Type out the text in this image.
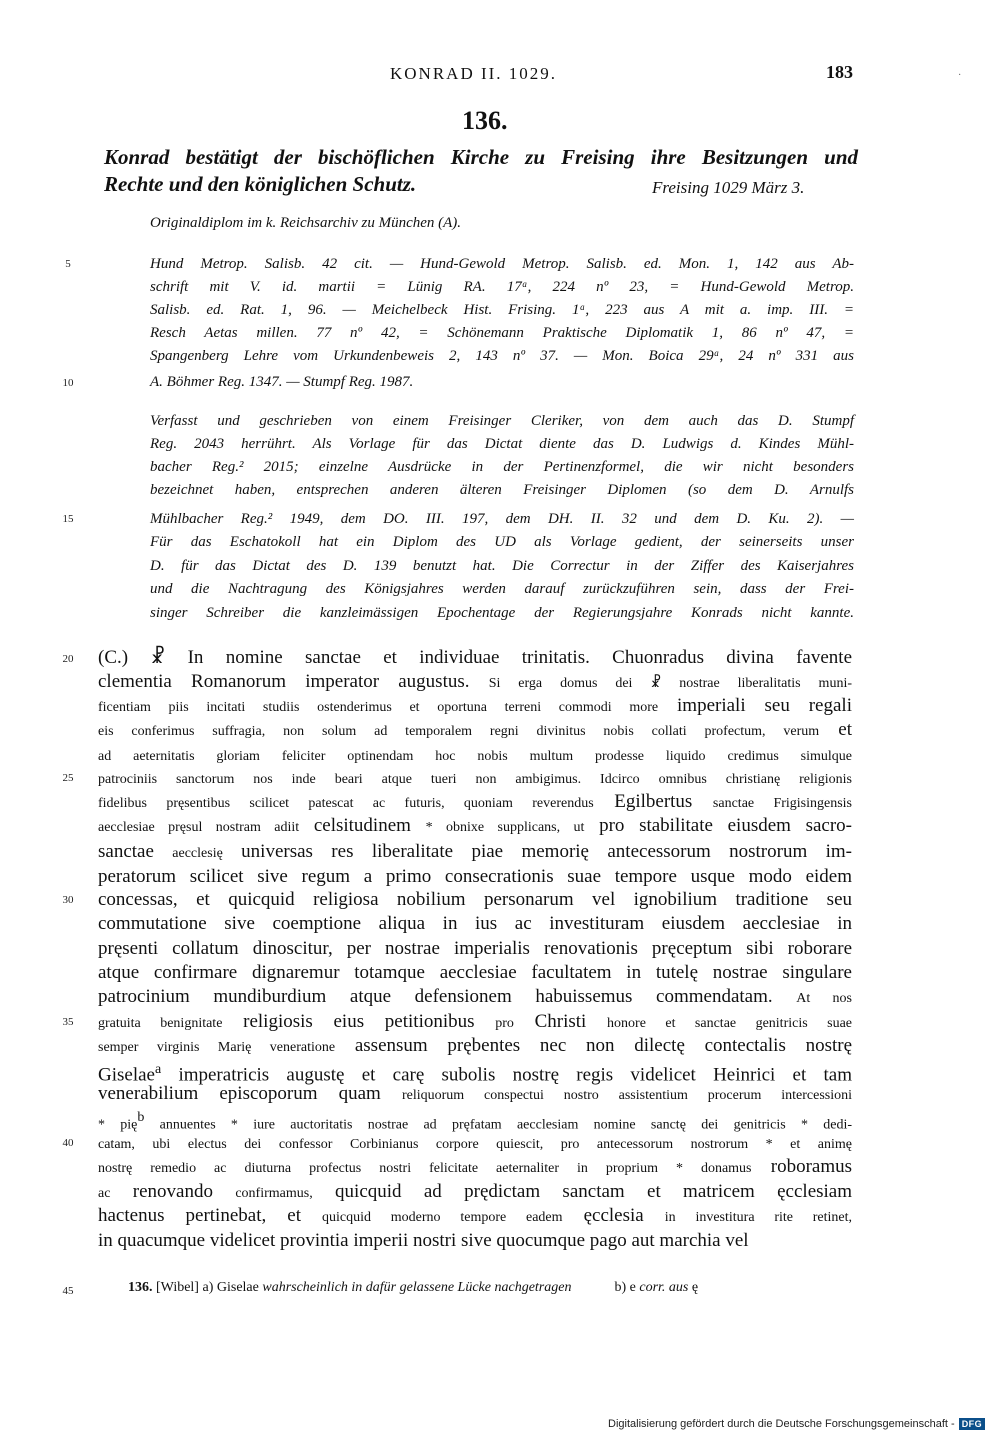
KONRAD II. 1029.	183	·
136.
Konrad bestätigt der bischöflichen Kirche zu Freising ihre Besitzungen und
Rechte und den königlichen Schutz.	Freising 1029 März 3.
Originaldiplom im k. Reichsarchiv zu München (A).
Hund Metrop. Salisb. 42 cit. — Hund-Gewold Metrop. Salisb. ed. Mon. 1, 142 aus Ab-
schrift mit V. id. martii = Lünig RA. 17ᵃ, 224 nº 23, = Hund-Gewold Metrop.
Salisb. ed. Rat. 1, 96. — Meichelbeck Hist. Frising. 1ᵃ, 223 aus A mit a. imp. III. =
Resch Aetas millen. 77 nº 42, = Schönemann Praktische Diplomatik 1, 86 nº 47, =
Spangenberg Lehre vom Urkundenbeweis 2, 143 nº 37. — Mon. Boica 29ᵃ, 24 nº 331 aus
A. Böhmer Reg. 1347. — Stumpf Reg. 1987.
Verfasst und geschrieben von einem Freisinger Cleriker, von dem auch das D. Stumpf
Reg. 2043 herrührt. Als Vorlage für das Dictat diente das D. Ludwigs d. Kindes Mühl-
bacher Reg.² 2015; einzelne Ausdrücke in der Pertinenzformel, die wir nicht besonders
bezeichnet haben, entsprechen anderen älteren Freisinger Diplomen (so dem D. Arnulfs
Mühlbacher Reg.² 1949, dem DO. III. 197, dem DH. II. 32 und dem D. Ku. 2). —
Für das Eschatokoll hat ein Diplom des UD als Vorlage gedient, der seinerseits unser
D. für das Dictat des D. 139 benutzt hat. Die Correctur in der Ziffer des Kaiserjahres
und die Nachtragung des Königsjahres werden darauf zurückzuführen sein, dass der Frei-
singer Schreiber die kanzleimässigen Epochentage der Regierungsjahre Konrads nicht kannte.
(C.) ☧ In nomine sanctae et individuae trinitatis. Chuonradus divina favente
clementia Romanorum imperator augustus. Si erga domus dei ☧ nostrae liberalitatis muni-
ficentiam piis incitati studiis ostenderimus et oportuna terreni commodi more imperiali seu regali
eis conferimus suffragia, non solum ad temporalem regni divinitus nobis collati profectum, verum et
ad aeternitatis gloriam feliciter optinendam hoc nobis multum prodesse liquido credimus simulque
patrociniis sanctorum nos inde beari atque tueri non ambigimus. Idcirco omnibus christianę religionis
fidelibus pręsentibus scilicet patescat ac futuris, quoniam reverendus Egilbertus sanctae Frigisingensis
aecclesiae pręsul nostram adiit celsitudinem * obnixe supplicans, ut pro stabilitate eiusdem sacro-
sanctae aecclesię universas res liberalitate piae memorię antecessorum nostrorum im-
peratorum scilicet sive regum a primo consecrationis suae tempore usque modo eidem
concessas, et quicquid religiosa nobilium personarum vel ignobilium traditione seu
commutatione sive coemptione aliqua in ius ac investituram eiusdem aecclesiae in
pręsenti collatum dinoscitur, per nostrae imperialis renovationis pręceptum sibi roborare
atque confirmare dignaremur totamque aecclesiae facultatem in tutelę nostrae singulare
patrocinium mundiburdium atque defensionem habuissemus commendatam. At nos
gratuita benignitate religiosis eius petitionibus pro Christi honore et sanctae genitricis suae
semper virginis Marię veneratione assensum prębentes nec non dilectę contectalis nostrę
Giselae$^a$ imperatricis augustę et carę subolis nostrę regis videlicet Heinrici et tam
venerabilium episcoporum quam reliquorum conspectui nostro assistentium procerum intercessioni
* pię$^b$ annuentes * iure auctoritatis nostrae ad pręfatam aecclesiam nomine sanctę dei genitricis * dedi-
catam, ubi electus dei confessor Corbinianus corpore quiescit, pro antecessorum nostrorum * et animę
nostrę remedio ac diuturna profectus nostri felicitate aeternaliter in proprium * donamus roboramus
ac renovando confirmamus, quicquid ad prędictam sanctam et matricem ęcclesiam
hactenus pertinebat, et quicquid moderno tempore eadem ęcclesia in investitura rite retinet,
in quacumque videlicet provintia imperii nostri sive quocumque pago aut marchia vel
5
10
15
20
25
30
35
40
45	136. [Wibel] a) Giselae wahrscheinlich in dafür gelassene Lücke nachgetragen	b) e corr. aus ę
Digitalisierung gefördert durch die Deutsche Forschungsgemeinschaft - DFG
